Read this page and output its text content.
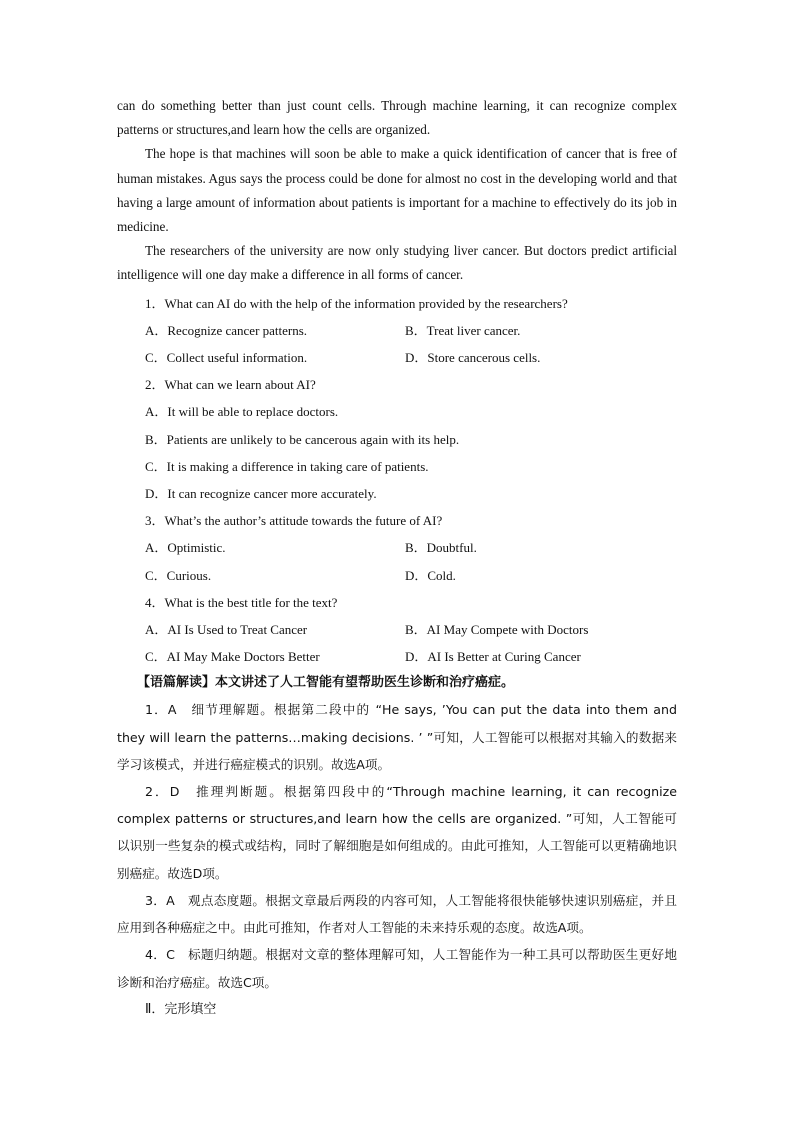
can do something better than just count cells. Through machine learning, it can recognize complex patterns or structures,and learn how the cells are organized.

The hope is that machines will soon be able to make a quick identification of cancer that is free of human mistakes. Agus says the process could be done for almost no cost in the developing world and that having a large amount of information about patients is important for a machine to effectively do its job in medicine.

The researchers of the university are now only studying liver cancer. But doctors predict artificial intelligence will one day make a difference in all forms of cancer.

1．What can AI do with the help of the information provided by the researchers?

A．Recognize cancer patterns.	B．Treat liver cancer.
C．Collect useful information.	D．Store cancerous cells.

2．What can we learn about AI?

A．It will be able to replace doctors.

B．Patients are unlikely to be cancerous again with its help.

C．It is making a difference in taking care of patients.

D．It can recognize cancer more accurately.

3．What’s the author’s attitude towards the future of AI?

A．Optimistic.	B．Doubtful.
C．Curious.	D．Cold.

4．What is the best title for the text?

A．AI Is Used to Treat Cancer	B．AI May Compete with Doctors
C．AI May Make Doctors Better	D．AI Is Better at Curing Cancer

【语篇解读】本文讲述了人工智能有望帮助医生诊断和治疗癌症。

1．A　细节理解题。根据第二段中的 “He says, ’You can put the data into them and they will learn the patterns…making decisions. ’ ”可知，人工智能可以根据对其输入的数据来学习该模式，并进行癌症模式的识别。故选A项。

2．D　推理判断题。根据第四段中的“Through machine learning, it can recognize complex patterns or structures,and learn how the cells are organized. ”可知，人工智能可以识别一些复杂的模式或结构，同时了解细胞是如何组成的。由此可推知，人工智能可以更精确地识别癌症。故选D项。

3．A　观点态度题。根据文章最后两段的内容可知，人工智能将很快能够快速识别癌症，并且应用到各种癌症之中。由此可推知，作者对人工智能的未来持乐观的态度。故选A项。

4．C　标题归纳题。根据对文章的整体理解可知，人工智能作为一种工具可以帮助医生更好地诊断和治疗癌症。故选C项。

Ⅱ．完形填空
